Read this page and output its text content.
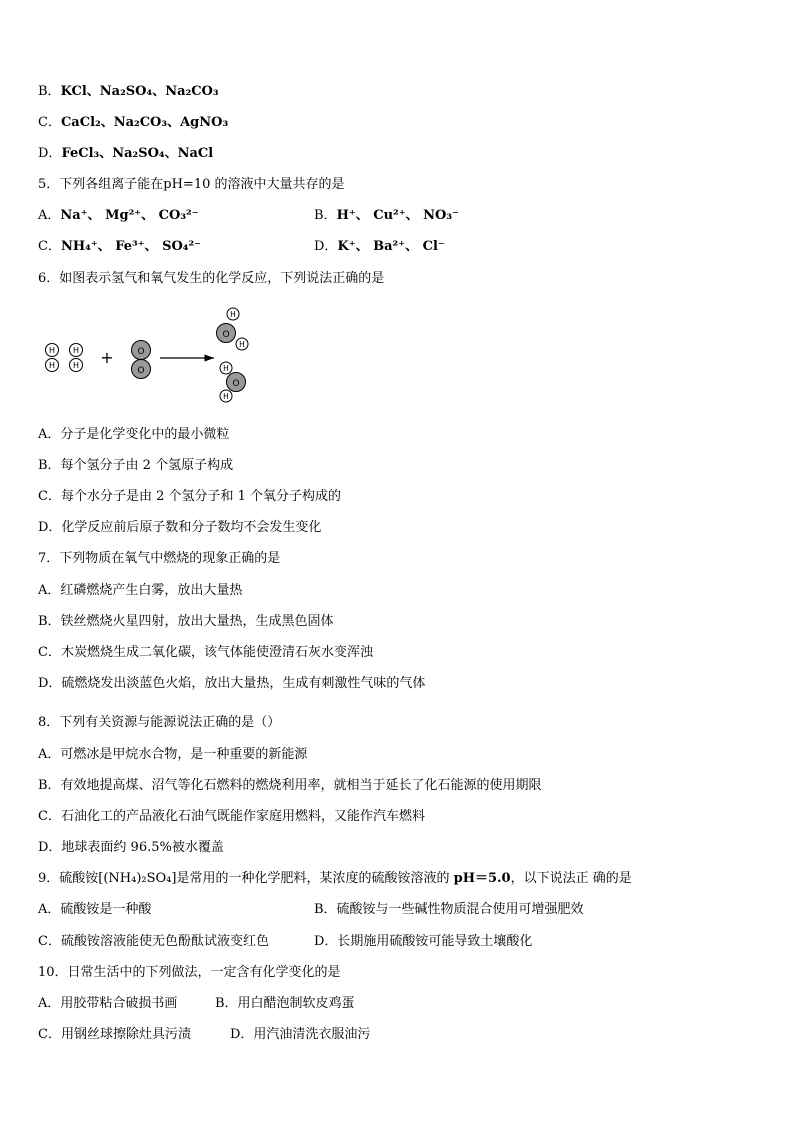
B．KCl、Na₂SO₄、Na₂CO₃
C．CaCl₂、Na₂CO₃、AgNO₃
D．FeCl₃、Na₂SO₄、NaCl
5．下列各组离子能在pH=10 的溶液中大量共存的是
A．Na⁺、 Mg²⁺、 CO₃²⁻	B．H⁺、 Cu²⁺、 NO₃⁻
C．NH₄⁺、 Fe³⁺、 SO₄²⁻	D．K⁺、 Ba²⁺、 Cl⁻
6．如图表示氢气和氧气发生的化学反应，下列说法正确的是
H
H
H
H +	O
O
H
O
H
H
O
H
A．分子是化学变化中的最小微粒
B．每个氢分子由 2 个氢原子构成
C．每个水分子是由 2 个氢分子和 1 个氧分子构成的
D．化学反应前后原子数和分子数均不会发生变化
7．下列物质在氧气中燃烧的现象正确的是
A．红磷燃烧产生白雾，放出大量热
B．铁丝燃烧火星四射，放出大量热，生成黑色固体
C．木炭燃烧生成二氧化碳，该气体能使澄清石灰水变浑浊
D．硫燃烧发出淡蓝色火焰，放出大量热，生成有刺激性气味的气体
8．下列有关资源与能源说法正确的是（）
A．可燃冰是甲烷水合物，是一种重要的新能源
B．有效地提高煤、沼气等化石燃料的燃烧利用率，就相当于延长了化石能源的使用期限
C．石油化工的产品液化石油气既能作家庭用燃料，又能作汽车燃料
D．地球表面约 96.5%被水覆盖
9．硫酸铵[(NH₄)₂SO₄]是常用的一种化学肥料，某浓度的硫酸铵溶液的 pH＝5.0，以下说法正 确的是
A．硫酸铵是一种酸	B．硫酸铵与一些碱性物质混合使用可增强肥效
C．硫酸铵溶液能使无色酚酞试液变红色	D．长期施用硫酸铵可能导致土壤酸化
10．日常生活中的下列做法，一定含有化学变化的是
A．用胶带粘合破损书画	B．用白醋泡制软皮鸡蛋
C．用钢丝球擦除灶具污渍	D．用汽油清洗衣服油污
